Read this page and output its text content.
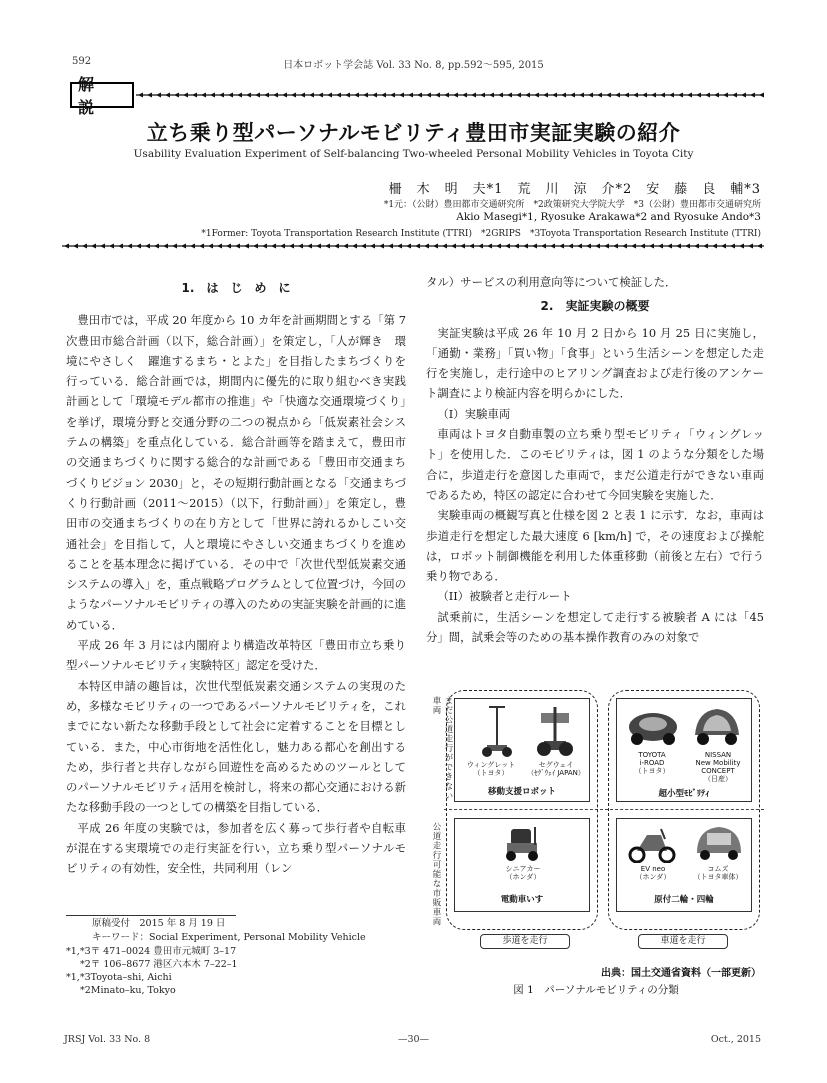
592	日本ロボット学会誌 Vol. 33 No. 8, pp.592～595, 2015
解 説
立ち乗り型パーソナルモビリティ豊田市実証実験の紹介
Usability Evaluation Experiment of Self-balancing Two-wheeled Personal Mobility Vehicles in Toyota City
柵　木　明　夫*1　荒　川　涼　介*2　安　藤　良　輔*3
*1元：（公財）豊田都市交通研究所　*2政策研究大学院大学　*3（公財）豊田都市交通研究所
Akio Masegi*1, Ryosuke Arakawa*2 and Ryosuke Ando*3
*1Former: Toyota Transportation Research Institute (TTRI)　*2GRIPS　*3Toyota Transportation Research Institute (TTRI)
1.　は　じ　め　に

豊田市では，平成 20 年度から 10 カ年を計画期間とする「第 7 次豊田市総合計画（以下，総合計画）」を策定し，「人が輝き　環境にやさしく　躍進するまち・とよた」を目指したまちづくりを行っている．総合計画では，期間内に優先的に取り組むべき実践計画として「環境モデル都市の推進」や「快適な交通環境づくり」を挙げ，環境分野と交通分野の二つの視点から「低炭素社会システムの構築」を重点化している．総合計画等を踏まえて，豊田市の交通まちづくりに関する総合的な計画である「豊田市交通まちづくりビジョン 2030」と，その短期行動計画となる「交通まちづくり行動計画（2011～2015）（以下，行動計画）」を策定し，豊田市の交通まちづくりの在り方として「世界に誇れるかしこい交通社会」を目指して，人と環境にやさしい交通まちづくりを進めることを基本理念に掲げている．その中で「次世代型低炭素交通システムの導入」を，重点戦略プログラムとして位置づけ，今回のようなパーソナルモビリティの導入のための実証実験を計画的に進めている．

平成 26 年 3 月には内閣府より構造改革特区「豊田市立ち乗り型パーソナルモビリティ実験特区」認定を受けた．

本特区申請の趣旨は，次世代型低炭素交通システムの実現のため，多様なモビリティの一つであるパーソナルモビリティを，これまでにない新たな移動手段として社会に定着することを目標としている．また，中心市街地を活性化し，魅力ある都心を創出するため，歩行者と共存しながら回遊性を高めるためのツールとしてのパーソナルモビリティ活用を検討し，将来の都心交通における新たな移動手段の一つとしての構築を目指している．

平成 26 年度の実験では，参加者を広く募って歩行者や自転車が混在する実環境での走行実証を行い，立ち乗り型パーソナルモビリティの有効性，安全性，共同利用（レン

原稿受付　2015 年 8 月 19 日
キーワード：Social Experiment, Personal Mobility Vehicle
*1,*3〒 471–0024 豊田市元城町 3–17
*2〒 106–8677 港区六本木 7–22–1
*1,*3Toyota–shi, Aichi
*2Minato–ku, Tokyo

タル）サービスの利用意向等について検証した．

2.　実証実験の概要

実証実験は平成 26 年 10 月 2 日から 10 月 25 日に実施し，「通勤・業務」「買い物」「食事」という生活シーンを想定した走行を実施し，走行途中のヒアリング調査および走行後のアンケート調査により検証内容を明らかにした．

（I）実験車両

車両はトヨタ自動車製の立ち乗り型モビリティ「ウィングレット」を使用した．このモビリティは，図 1 のような分類をした場合に，歩道走行を意図した車両で，まだ公道走行ができない車両であるため，特区の認定に合わせて今回実験を実施した．

実験車両の概観写真と仕様を図 2 と表 1 に示す．なお，車両は歩道走行を想定した最大速度 6 [km/h] で，その速度および操舵は，ロボット制御機能を利用した体重移動（前後と左右）で行う乗り物である．

（II）被験者と走行ルート

試乗前に，生活シーンを想定して走行する被験者 A には「45 分」間，試乗会等のための基本操作教育のみの対象で

まだ公道走行ができない車両
公道走行可能な市販車両
ウィングレット
（トヨタ）
セグウェイ
（ｾｸﾞｳｪｲ JAPAN）
移動支援ロボット
TOYOTA
i-ROAD
（トヨタ）
NISSAN
New Mobility
CONCEPT
（日産）
超小型ﾓﾋﾞﾘﾃｨ
シニアカー
（ホンダ）
電動車いす
EV neo
（ホンダ）
コムズ
（トヨタ車体）
原付二輪・四輪
歩道を走行	車道を走行
出典：国土交通省資料（一部更新）
図 1　パーソナルモビリティの分類
JRSJ Vol. 33 No. 8	—30—	Oct., 2015
